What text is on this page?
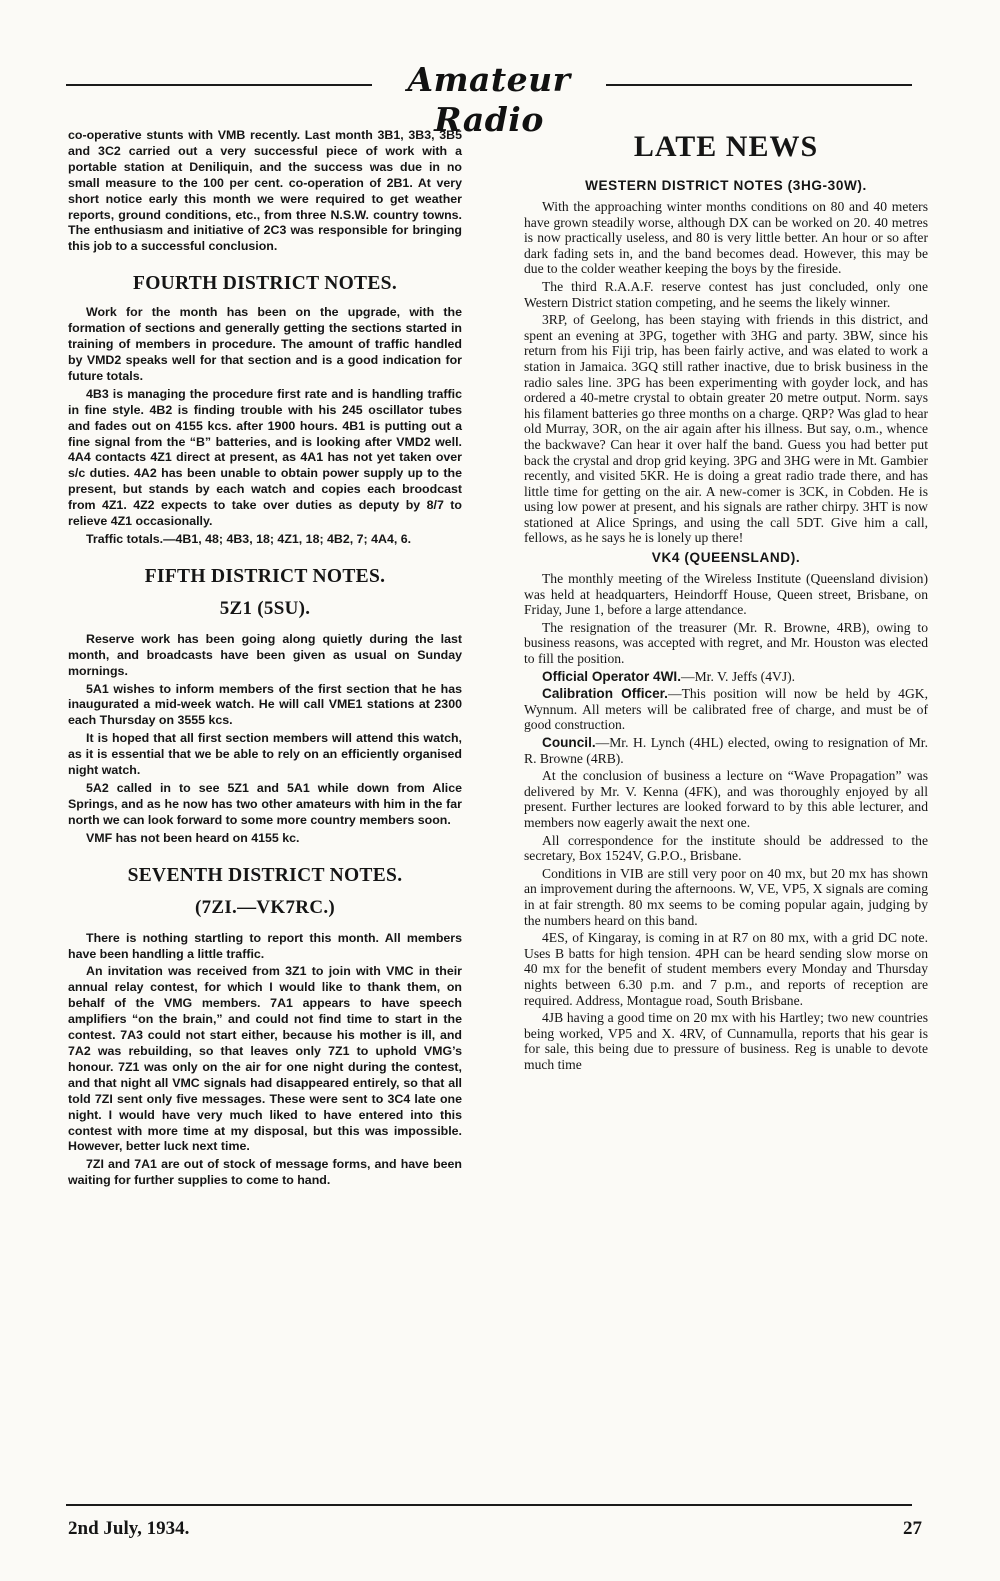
Amateur Radio

co-operative stunts with VMB recently. Last month 3B1, 3B3, 3B5 and 3C2 carried out a very successful piece of work with a portable station at Deniliquin, and the success was due in no small measure to the 100 per cent. co-operation of 2B1. At very short notice early this month we were required to get weather reports, ground conditions, etc., from three N.S.W. country towns. The enthusiasm and initiative of 2C3 was responsible for bringing this job to a successful conclusion.

FOURTH DISTRICT NOTES.

Work for the month has been on the upgrade, with the formation of sections and generally getting the sections started in training of members in procedure. The amount of traffic handled by VMD2 speaks well for that section and is a good indication for future totals.

4B3 is managing the procedure first rate and is handling traffic in fine style. 4B2 is finding trouble with his 245 oscillator tubes and fades out on 4155 kcs. after 1900 hours. 4B1 is putting out a fine signal from the “B” batteries, and is looking after VMD2 well. 4A4 contacts 4Z1 direct at present, as 4A1 has not yet taken over s/c duties. 4A2 has been unable to obtain power supply up to the present, but stands by each watch and copies each broodcast from 4Z1. 4Z2 expects to take over duties as deputy by 8/7 to relieve 4Z1 occasionally.

Traffic totals.—4B1, 48; 4B3, 18; 4Z1, 18; 4B2, 7; 4A4, 6.

FIFTH DISTRICT NOTES.
5Z1 (5SU).

Reserve work has been going along quietly during the last month, and broadcasts have been given as usual on Sunday mornings.

5A1 wishes to inform members of the first section that he has inaugurated a mid-week watch. He will call VME1 stations at 2300 each Thursday on 3555 kcs.

It is hoped that all first section members will attend this watch, as it is essential that we be able to rely on an efficiently organised night watch.

5A2 called in to see 5Z1 and 5A1 while down from Alice Springs, and as he now has two other amateurs with him in the far north we can look forward to some more country members soon.

VMF has not been heard on 4155 kc.

SEVENTH DISTRICT NOTES.
(7ZI.—VK7RC.)

There is nothing startling to report this month. All members have been handling a little traffic.

An invitation was received from 3Z1 to join with VMC in their annual relay contest, for which I would like to thank them, on behalf of the VMG members. 7A1 appears to have speech amplifiers “on the brain,” and could not find time to start in the contest. 7A3 could not start either, because his mother is ill, and 7A2 was rebuilding, so that leaves only 7Z1 to uphold VMG’s honour. 7Z1 was only on the air for one night during the contest, and that night all VMC signals had disappeared entirely, so that all told 7ZI sent only five messages. These were sent to 3C4 late one night. I would have very much liked to have entered into this contest with more time at my disposal, but this was impossible. However, better luck next time.

7ZI and 7A1 are out of stock of message forms, and have been waiting for further supplies to come to hand.

LATE NEWS
WESTERN DISTRICT NOTES (3HG-30W).

With the approaching winter months conditions on 80 and 40 meters have grown steadily worse, although DX can be worked on 20. 40 metres is now practically useless, and 80 is very little better. An hour or so after dark fading sets in, and the band becomes dead. However, this may be due to the colder weather keeping the boys by the fireside.

The third R.A.A.F. reserve contest has just concluded, only one Western District station competing, and he seems the likely winner.

3RP, of Geelong, has been staying with friends in this district, and spent an evening at 3PG, together with 3HG and party. 3BW, since his return from his Fiji trip, has been fairly active, and was elated to work a station in Jamaica. 3GQ still rather inactive, due to brisk business in the radio sales line. 3PG has been experimenting with goyder lock, and has ordered a 40-metre crystal to obtain greater 20 metre output. Norm. says his filament batteries go three months on a charge. QRP? Was glad to hear old Murray, 3OR, on the air again after his illness. But say, o.m., whence the backwave? Can hear it over half the band. Guess you had better put back the crystal and drop grid keying. 3PG and 3HG were in Mt. Gambier recently, and visited 5KR. He is doing a great radio trade there, and has little time for getting on the air. A new-comer is 3CK, in Cobden. He is using low power at present, and his signals are rather chirpy. 3HT is now stationed at Alice Springs, and using the call 5DT. Give him a call, fellows, as he says he is lonely up there!

VK4 (QUEENSLAND).

The monthly meeting of the Wireless Institute (Queensland division) was held at headquarters, Heindorff House, Queen street, Brisbane, on Friday, June 1, before a large attendance.

The resignation of the treasurer (Mr. R. Browne, 4RB), owing to business reasons, was accepted with regret, and Mr. Houston was elected to fill the position.

Official Operator 4WI.—Mr. V. Jeffs (4VJ).

Calibration Officer.—This position will now be held by 4GK, Wynnum. All meters will be calibrated free of charge, and must be of good construction.

Council.—Mr. H. Lynch (4HL) elected, owing to resignation of Mr. R. Browne (4RB).

At the conclusion of business a lecture on “Wave Propagation” was delivered by Mr. V. Kenna (4FK), and was thoroughly enjoyed by all present. Further lectures are looked forward to by this able lecturer, and members now eagerly await the next one.

All correspondence for the institute should be addressed to the secretary, Box 1524V, G.P.O., Brisbane.

Conditions in VIB are still very poor on 40 mx, but 20 mx has shown an improvement during the afternoons. W, VE, VP5, X signals are coming in at fair strength. 80 mx seems to be coming popular again, judging by the numbers heard on this band.

4ES, of Kingaray, is coming in at R7 on 80 mx, with a grid DC note. Uses B batts for high tension. 4PH can be heard sending slow morse on 40 mx for the benefit of student members every Monday and Thursday nights between 6.30 p.m. and 7 p.m., and reports of reception are required. Address, Montague road, South Brisbane.

4JB having a good time on 20 mx with his Hartley; two new countries being worked, VP5 and X. 4RV, of Cunnamulla, reports that his gear is for sale, this being due to pressure of business. Reg is unable to devote much time

2nd July, 1934.	27
